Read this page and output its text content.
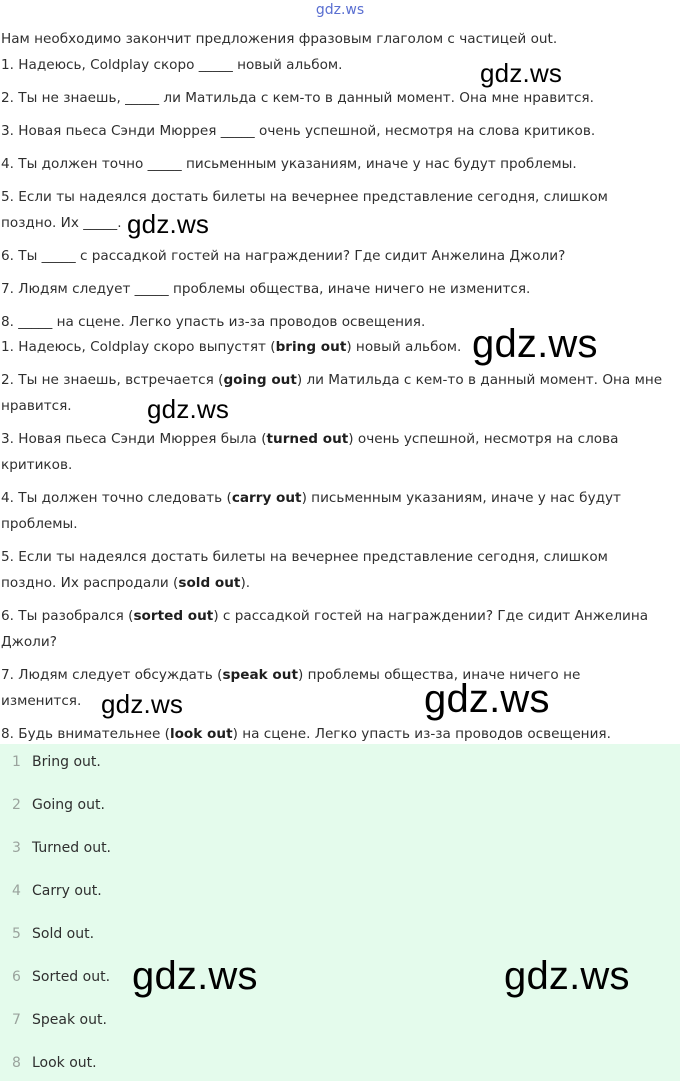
gdz.ws
Нам необходимо закончит предложения фразовым глаголом с частицей out.
1. Надеюсь, Coldplay скоро _____ новый альбом.
2. Ты не знаешь, _____ ли Матильда с кем-то в данный момент. Она мне нравится.
3. Новая пьеса Сэнди Мюррея _____ очень успешной, несмотря на слова критиков.
4. Ты должен точно _____ письменным указаниям, иначе у нас будут проблемы.
5. Если ты надеялся достать билеты на вечернее представление сегодня, слишком
поздно. Их _____.
6. Ты _____ с рассадкой гостей на награждении? Где сидит Анжелина Джоли?
7. Людям следует _____ проблемы общества, иначе ничего не изменится.
8. _____ на сцене. Легко упасть из-за проводов освещения.
1. Надеюсь, Coldplay скоро выпустят (bring out) новый альбом.
2. Ты не знаешь, встречается (going out) ли Матильда с кем-то в данный момент. Она мне
нравится.
3. Новая пьеса Сэнди Мюррея была (turned out) очень успешной, несмотря на слова
критиков.
4. Ты должен точно следовать (carry out) письменным указаниям, иначе у нас будут
проблемы.
5. Если ты надеялся достать билеты на вечернее представление сегодня, слишком
поздно. Их распродали (sold out).
6. Ты разобрался (sorted out) с рассадкой гостей на награждении? Где сидит Анжелина
Джоли?
7. Людям следует обсуждать (speak out) проблемы общества, иначе ничего не
изменится.
8. Будь внимательнее (look out) на сцене. Легко упасть из-за проводов освещения.
1 Bring out.
2 Going out.
3 Turned out.
4 Carry out.
5 Sold out.
6 Sorted out.
7 Speak out.
8 Look out.
gdz.ws
gdz.ws
gdz.ws
gdz.ws
gdz.ws	gdz.ws
gdz.ws	gdz.ws
